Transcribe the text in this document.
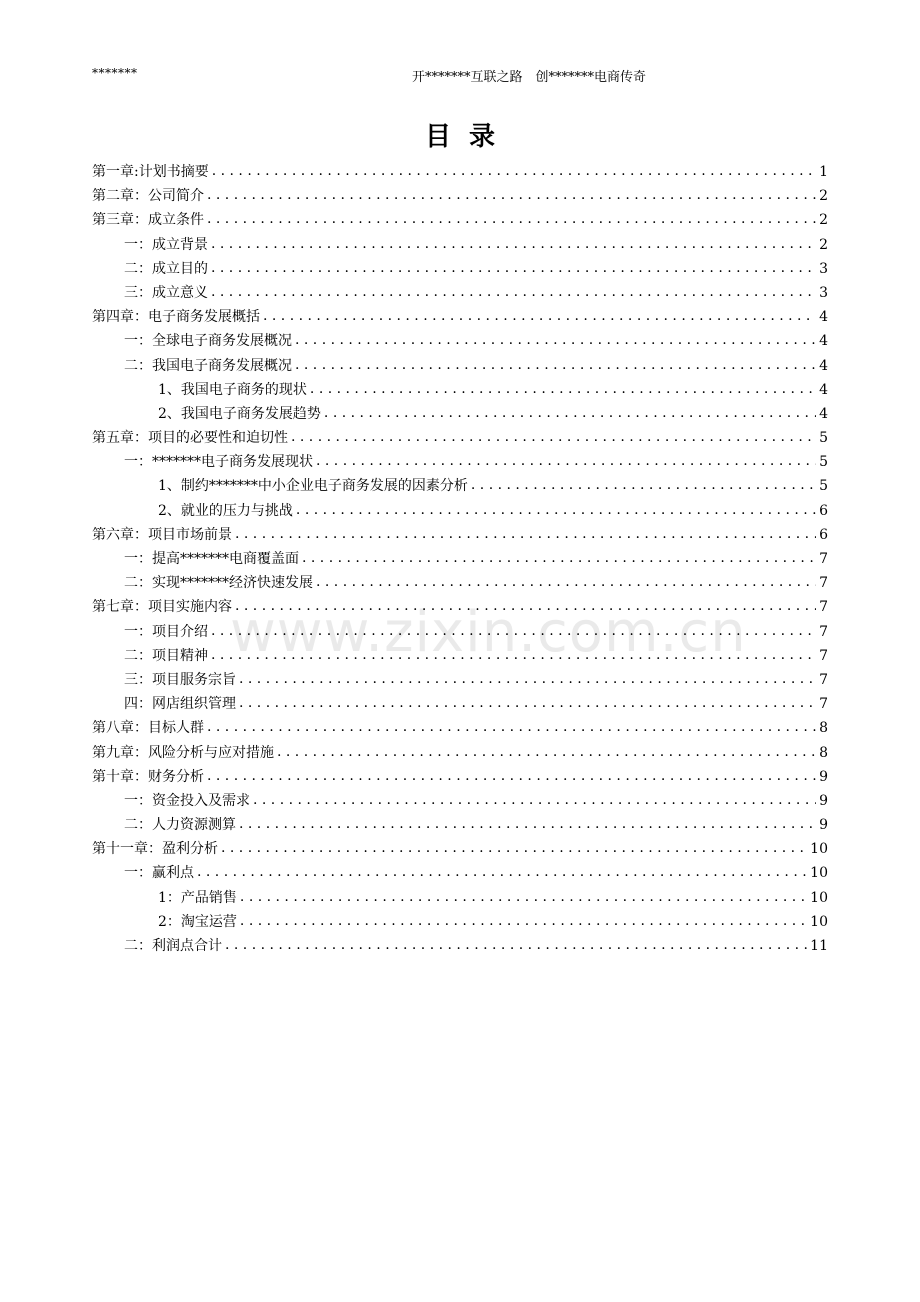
*******	开*******互联之路　创*******电商传奇
目录
www.zixin.com.cn
第一章:计划书摘要 . . .	1
第二章：公司简介 . . .	2
第三章：成立条件 . . .	2
一：成立背景 . . .	2
二：成立目的 . . .	3
三：成立意义 . . .	3
第四章：电子商务发展概括 . . .	4
一：全球电子商务发展概况 . . .	4
二：我国电子商务发展概况 . . .	4
1、我国电子商务的现状 . . .	4
2、我国电子商务发展趋势 . . .	4
第五章：项目的必要性和迫切性 . . .	5
一：*******电子商务发展现状 . . .	5
1、制约*******中小企业电子商务发展的因素分析 . . .	5
2、就业的压力与挑战 . . .	6
第六章：项目市场前景 . . .	6
一：提高*******电商覆盖面 . . .	7
二：实现*******经济快速发展 . . .	7
第七章：项目实施内容 . . .	7
一：项目介绍 . . .	7
二：项目精神 . . .	7
三：项目服务宗旨 . . .	7
四：网店组织管理 . . .	7
第八章：目标人群 . . .	8
第九章：风险分析与应对措施 . . .	8
第十章：财务分析 . . .	9
一：资金投入及需求 . . .	9
二：人力资源测算 . . .	9
第十一章：盈利分析 . . .	10
一：赢利点 . . .	10
1：产品销售 . . .	10
2：淘宝运营 . . .	10
二：利润点合计 . . .	11
